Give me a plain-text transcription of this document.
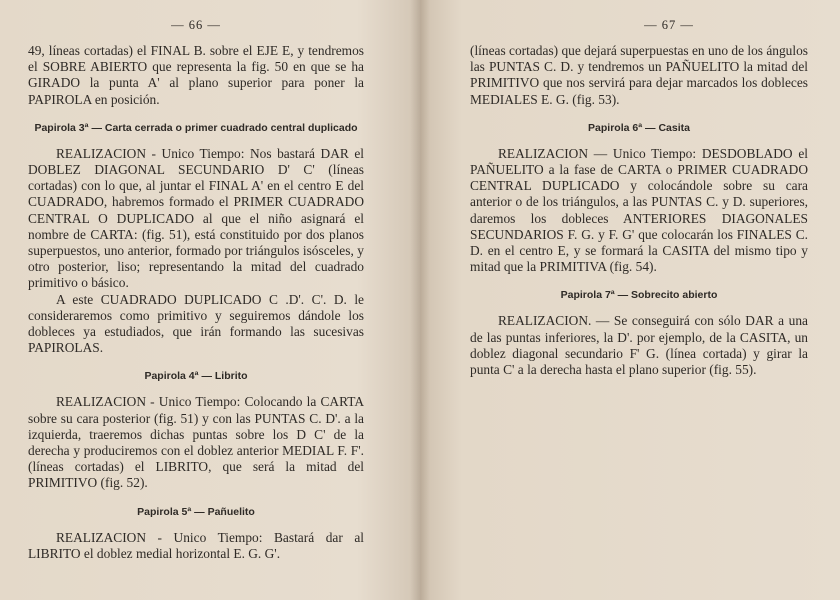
— 66 —

49, líneas cortadas) el FINAL B. sobre el EJE E, y tendremos el SOBRE ABIERTO que representa la fig. 50 en que se ha GIRADO la punta A' al plano superior para poner la PAPIROLA en posición.

Papirola 3ª — Carta cerrada o primer cuadrado central duplicado

REALIZACION - Unico Tiempo: Nos bastará DAR el DOBLEZ DIAGONAL SECUNDARIO D' C' (líneas cortadas) con lo que, al juntar el FINAL A' en el centro E del CUADRADO, habremos formado el PRIMER CUADRADO CENTRAL O DUPLICADO al que el niño asignará el nombre de CARTA: (fig. 51), está constituido por dos planos superpuestos, uno anterior, formado por triángulos isósceles, y otro posterior, liso; representando la mitad del cuadrado primitivo o básico.

A este CUADRADO DUPLICADO C .D'. C'. D. le consideraremos como primitivo y seguiremos dándole los dobleces ya estudiados, que irán formando las sucesivas PAPIROLAS.

Papirola 4ª — Librito

REALIZACION - Unico Tiempo: Colocando la CARTA sobre su cara posterior (fig. 51) y con las PUNTAS C. D'. a la izquierda, traeremos dichas puntas sobre los D C' de la derecha y produciremos con el doblez anterior MEDIAL F. F'. (líneas cortadas) el LIBRITO, que será la mitad del PRIMITIVO (fig. 52).

Papirola 5ª — Pañuelito

REALIZACION - Unico Tiempo: Bastará dar al LIBRITO el doblez medial horizontal E. G. G'.

— 67 —

(líneas cortadas) que dejará superpuestas en uno de los ángulos las PUNTAS C. D. y tendremos un PAÑUELITO la mitad del PRIMITIVO que nos servirá para dejar marcados los dobleces MEDIALES E. G. (fig. 53).

Papirola 6ª — Casita

REALIZACION — Unico Tiempo: DESDOBLADO el PAÑUELITO a la fase de CARTA o PRIMER CUADRADO CENTRAL DUPLICADO y colocándole sobre su cara anterior o de los triángulos, a las PUNTAS C. y D. superiores, daremos los dobleces ANTERIORES DIAGONALES SECUNDARIOS F. G. y F. G' que colocarán los FINALES C. D. en el centro E, y se formará la CASITA del mismo tipo y mitad que la PRIMITIVA (fig. 54).

Papirola 7ª — Sobrecito abierto

REALIZACION. — Se conseguirá con sólo DAR a una de las puntas inferiores, la D'. por ejemplo, de la CASITA, un doblez diagonal secundario F' G. (línea cortada) y girar la punta C' a la derecha hasta el plano superior (fig. 55).
